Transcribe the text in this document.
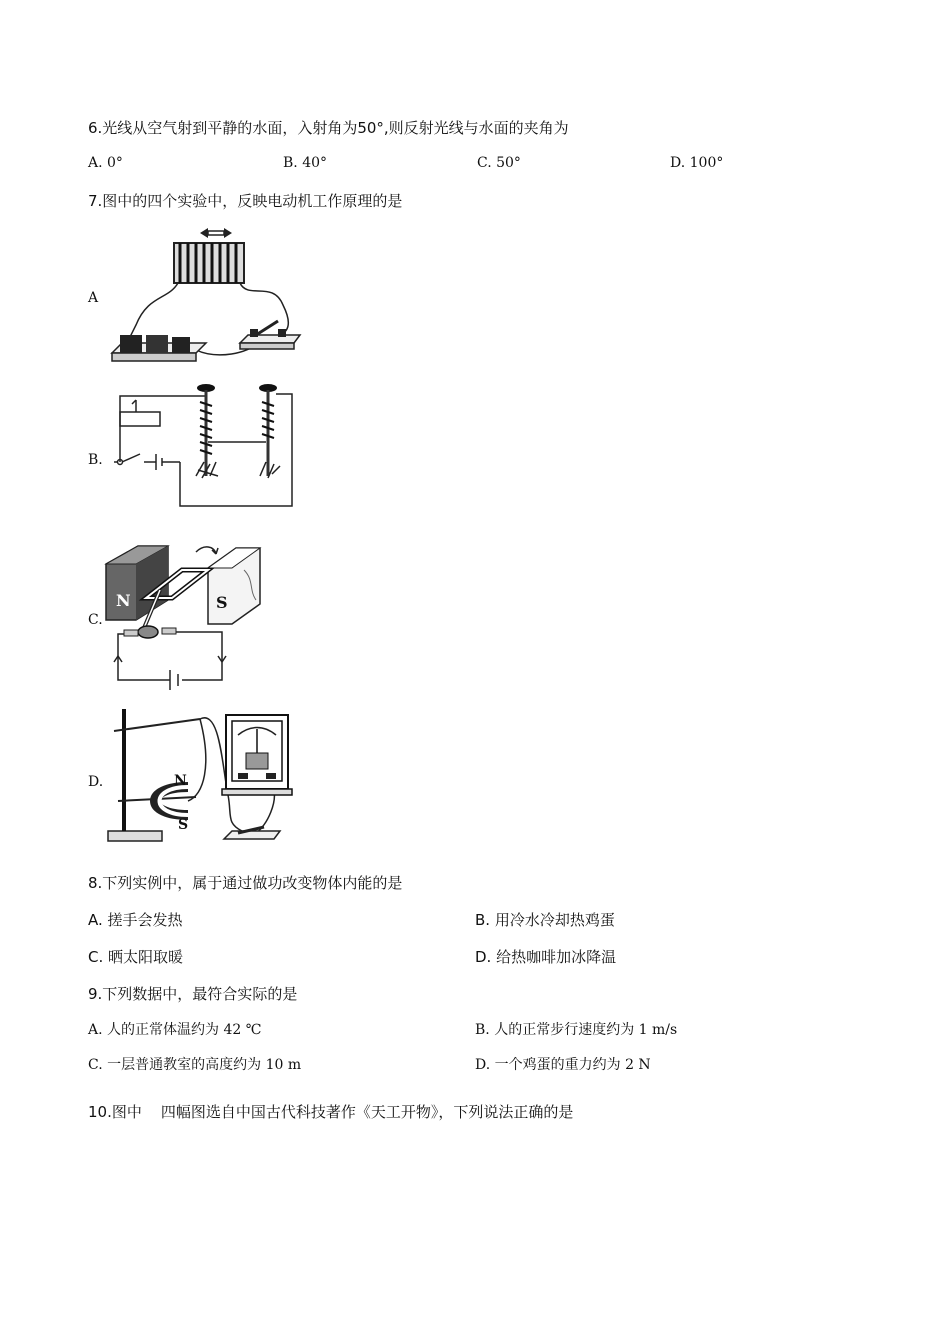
6.光线从空气射到平静的水面，入射角为50°,则反射光线与水面的夹角为
A. 0°	B. 40°	C. 50°	D. 100°
7.图中的四个实验中，反映电动机工作原理的是
A
B.
C.
N	S
D.	N
S
8.下列实例中，属于通过做功改变物体内能的是
A. 搓手会发热	B. 用冷水冷却热鸡蛋
C. 晒太阳取暖	D. 给热咖啡加冰降温
9.下列数据中，最符合实际的是
A. 人的正常体温约为 42 ℃	B. 人的正常步行速度约为 1 m/s
C. 一层普通教室的高度约为 10 m	D. 一个鸡蛋的重力约为 2 N
10.图中    四幅图选自中国古代科技著作《天工开物》，下列说法正确的是
